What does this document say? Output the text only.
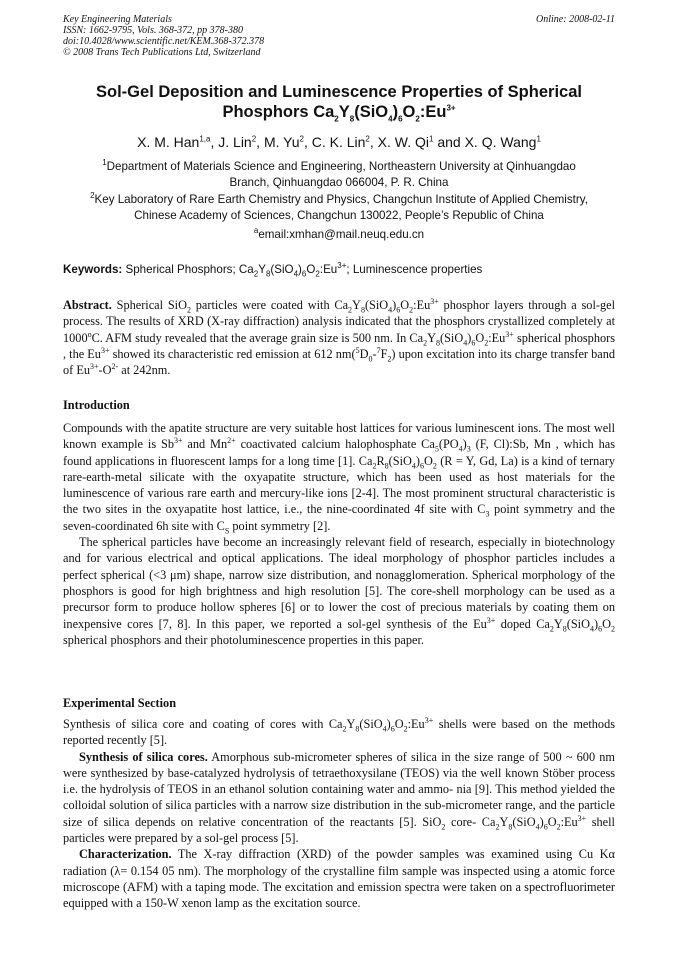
Key Engineering Materials
ISSN: 1662-9795, Vols. 368-372, pp 378-380
doi:10.4028/www.scientific.net/KEM.368-372.378
© 2008 Trans Tech Publications Ltd, Switzerland
Online: 2008-02-11
Sol-Gel Deposition and Luminescence Properties of Spherical
Phosphors $Ca_2Y_8(SiO_4)_6O_2:Eu^{3+}$
X. M. Han$^{1,a}$, J. Lin$^2$, M. Yu$^2$, C. K. Lin$^2$, X. W. Qi$^1$ and X. Q. Wang$^1$
$^1$Department of Materials Science and Engineering, Northeastern University at Qinhuangdao
Branch, Qinhuangdao 066004, P. R. China
$^2$Key Laboratory of Rare Earth Chemistry and Physics, Changchun Institute of Applied Chemistry,
Chinese Academy of Sciences, Changchun 130022, People’s Republic of China
$^a$email:xmhan@mail.neuq.edu.cn
Keywords: Spherical Phosphors; $Ca_2Y_8(SiO_4)_6O_2:Eu^{3+}$; Luminescence properties

Abstract. Spherical SiO$_2$ particles were coated with $Ca_2Y_8(SiO_4)_6O_2:Eu^{3+}$ phosphor layers through a sol-gel process. The results of XRD (X-ray diffraction) analysis indicated that the phosphors crystallized completely at 1000$^o$C. AFM study revealed that the average grain size is 500 nm. In $Ca_2Y_8(SiO_4)_6O_2:Eu^{3+}$ spherical phosphors , the $Eu^{3+}$ showed its characteristic red emission at 612 $nm(^5D_0-^7F_2)$ upon excitation into its charge transfer band of $Eu^{3+}-O^{2-}$ at 242nm.

Introduction

Compounds with the apatite structure are very suitable host lattices for various luminescent ions. The most well known example is $Sb^{3+}$ and $Mn^{2+}$ coactivated calcium halophosphate $Ca_5(PO_4)_3$ (F, Cl):Sb, Mn , which has found applications in fluorescent lamps for a long time [1]. $Ca_2R_8(SiO_4)_6O_2$ (R = Y, Gd, La) is a kind of ternary rare-earth-metal silicate with the oxyapatite structure, which has been used as host materials for the luminescence of various rare earth and mercury-like ions [2-4]. The most prominent structural characteristic is the two sites in the oxyapatite host lattice, i.e., the nine-coordinated 4f site with $C_3$ point symmetry and the seven-coordinated 6h site with $C_S$ point symmetry [2].

The spherical particles have become an increasingly relevant field of research, especially in biotechnology and for various electrical and optical applications. The ideal morphology of phosphor particles includes a perfect spherical (<3 μm) shape, narrow size distribution, and nonagglomeration. Spherical morphology of the phosphors is good for high brightness and high resolution [5]. The core-shell morphology can be used as a precursor form to produce hollow spheres [6] or to lower the cost of precious materials by coating them on inexpensive cores [7, 8]. In this paper, we reported a sol-gel synthesis of the $Eu^{3+}$ doped $Ca_2Y_8(SiO_4)_6O_2$ spherical phosphors and their photoluminescence properties in this paper.

Experimental Section

Synthesis of silica core and coating of cores with $Ca_2Y_8(SiO_4)_6O_2:Eu^{3+}$ shells were based on the methods reported recently [5].

Synthesis of silica cores. Amorphous sub-micrometer spheres of silica in the size range of 500 ~ 600 nm were synthesized by base-catalyzed hydrolysis of tetraethoxysilane (TEOS) via the well known Stöber process i.e. the hydrolysis of TEOS in an ethanol solution containing water and ammo- nia [9]. This method yielded the colloidal solution of silica particles with a narrow size distribution in the sub-micrometer range, and the particle size of silica depends on relative concentration of the reactants [5]. SiO$_2$ core- $Ca_2Y_8(SiO_4)_6O_2:Eu^{3+}$ shell particles were prepared by a sol-gel process [5].

Characterization. The X-ray diffraction (XRD) of the powder samples was examined using Cu Kα radiation (λ= 0.154 05 nm). The morphology of the crystalline film sample was inspected using a atomic force microscope (AFM) with a taping mode. The excitation and emission spectra were taken on a spectrofluorimeter equipped with a 150-W xenon lamp as the excitation source.
